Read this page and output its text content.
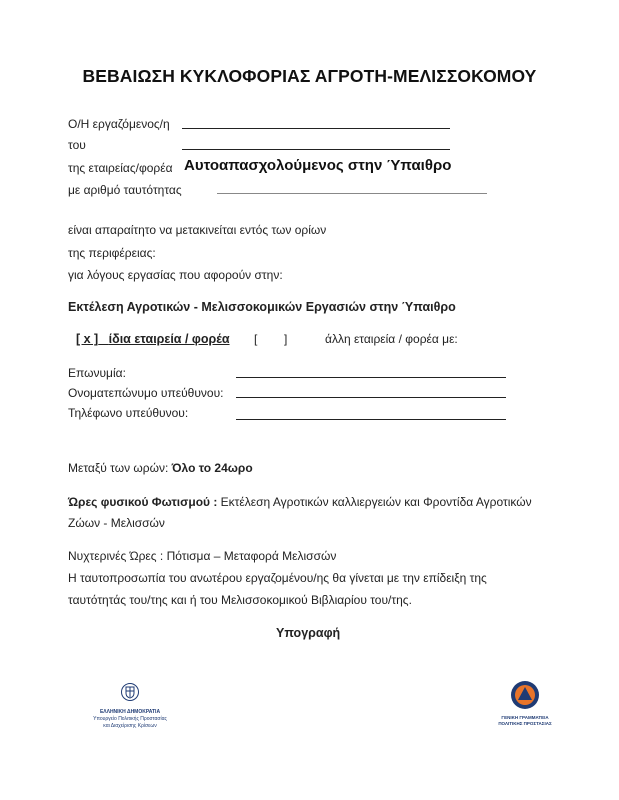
ΒΕΒΑΙΩΣΗ ΚΥΚΛΟΦΟΡΙΑΣ ΑΓΡΟΤΗ-ΜΕΛΙΣΣΟΚΟΜΟΥ
Ο/Η εργαζόμενος/η
του
της εταιρείας/φορέα Αυτοαπασχολούμενος στην Ύπαιθρο
με αριθμό ταυτότητας
είναι απαραίτητο να μετακινείται εντός των ορίων
της περιφέρειας:
για λόγους εργασίας που αφορούν στην:
Εκτέλεση Αγροτικών - Μελισσοκομικών Εργασιών στην Ύπαιθρο
[ x ] ίδια εταιρεία / φορέα [        ]	άλλη εταιρεία / φορέα με:
Επωνυμία:
Ονοματεπώνυμο υπεύθυνου:
Τηλέφωνο υπεύθυνου:
Μεταξύ των ωρών: Όλο το 24ωρο
Ώρες φυσικού Φωτισμού : Εκτέλεση Αγροτικών καλλιεργειών και Φροντίδα Αγροτικών
Ζώων - Μελισσών
Νυχτερινές Ώρες : Πότισμα – Μεταφορά Μελισσών
Η ταυτοπροσωπία του ανωτέρου εργαζομένου/ης θα γίνεται με την επίδειξη της
ταυτότητάς του/της και ή του Μελισσοκομικού Βιβλιαρίου του/της.
Υπογραφή
ΕΛΛΗΝΙΚΗ ΔΗΜΟΚΡΑΤΙΑ
Υπουργείο Πολιτικής Προστασίας
και Διαχείρισης Κρίσεων
ΓΕΝΙΚΗ ΓΡΑΜΜΑΤΕΙΑ
ΠΟΛΙΤΙΚΗΣ ΠΡΟΣΤΑΣΙΑΣ
